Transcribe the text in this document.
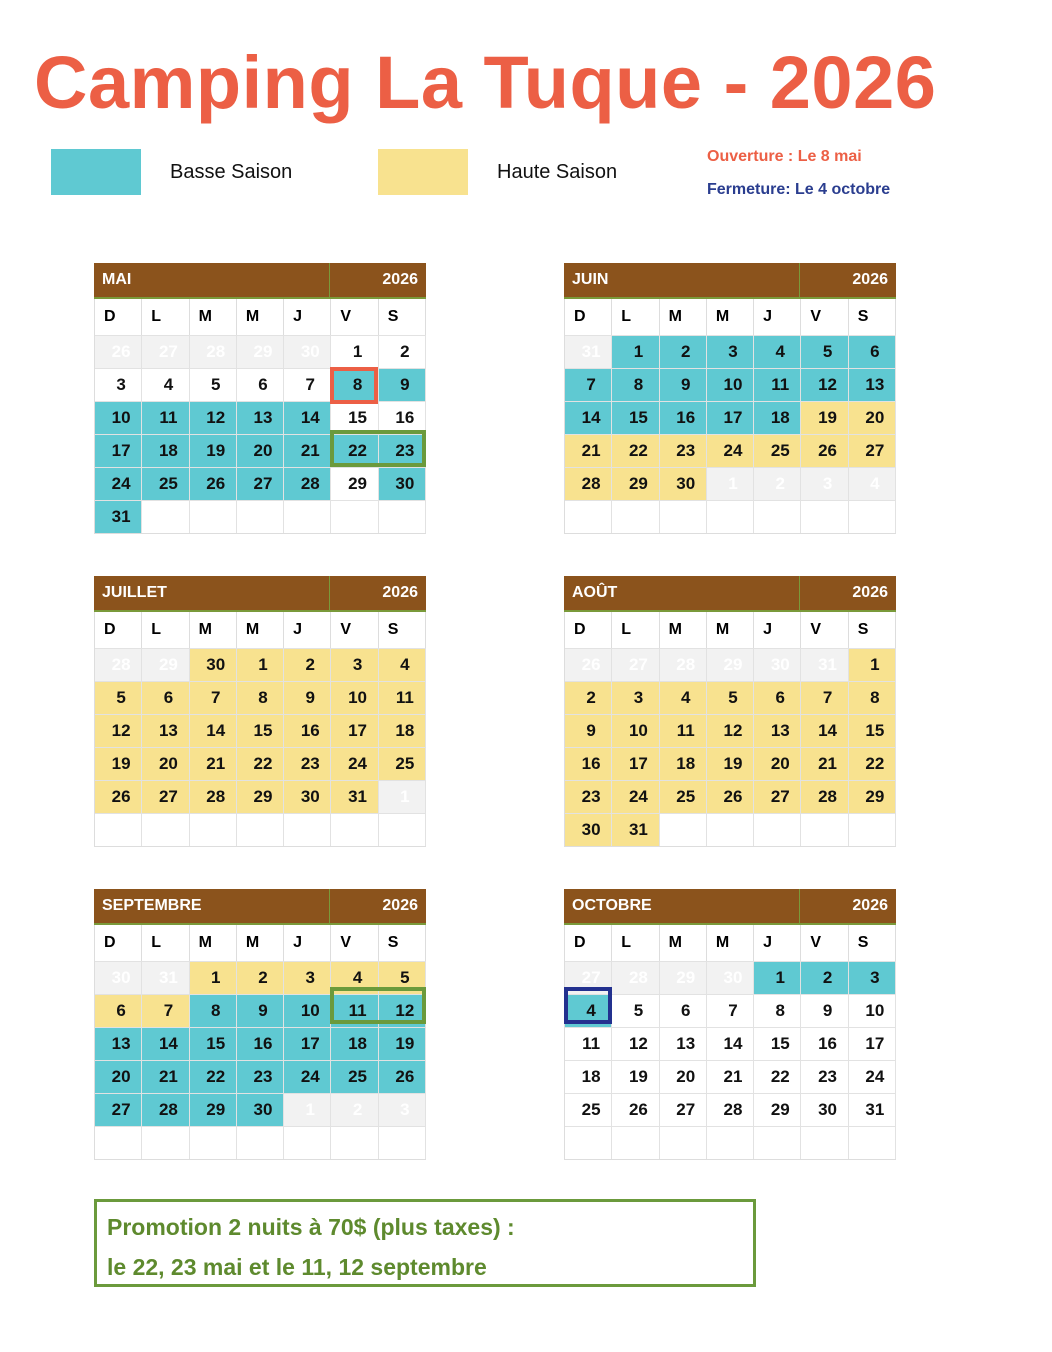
Camping La Tuque - 2026
Basse Saison	Haute Saison
Ouverture : Le 8 mai
Fermeture: Le 4 octobre
MAI	2026
D	L	M	M	J	V	S
26	27	28	29	30	1	2
3	4	5	6	7	8	9
10	11	12	13	14	15	16
17	18	19	20	21	22	23
24	25	26	27	28	29	30
31
JUIN	2026
D	L	M	M	J	V	S
31	1	2	3	4	5	6
7	8	9	10	11	12	13
14	15	16	17	18	19	20
21	22	23	24	25	26	27
28	29	30	1	2	3	4
JUILLET	2026
D	L	M	M	J	V	S
28	29	30	1	2	3	4
5	6	7	8	9	10	11
12	13	14	15	16	17	18
19	20	21	22	23	24	25
26	27	28	29	30	31	1
AOÛT	2026
D	L	M	M	J	V	S
26	27	28	29	30	31	1
2	3	4	5	6	7	8
9	10	11	12	13	14	15
16	17	18	19	20	21	22
23	24	25	26	27	28	29
30	31
SEPTEMBRE	2026
D	L	M	M	J	V	S
30	31	1	2	3	4	5
6	7	8	9	10	11	12
13	14	15	16	17	18	19
20	21	22	23	24	25	26
27	28	29	30	1	2	3
OCTOBRE	2026
D	L	M	M	J	V	S
27	28	29	30	1	2	3
4	5	6	7	8	9	10
11	12	13	14	15	16	17
18	19	20	21	22	23	24
25	26	27	28	29	30	31
Promotion 2 nuits à 70$ (plus taxes) :
le 22, 23 mai et le 11, 12 septembre
